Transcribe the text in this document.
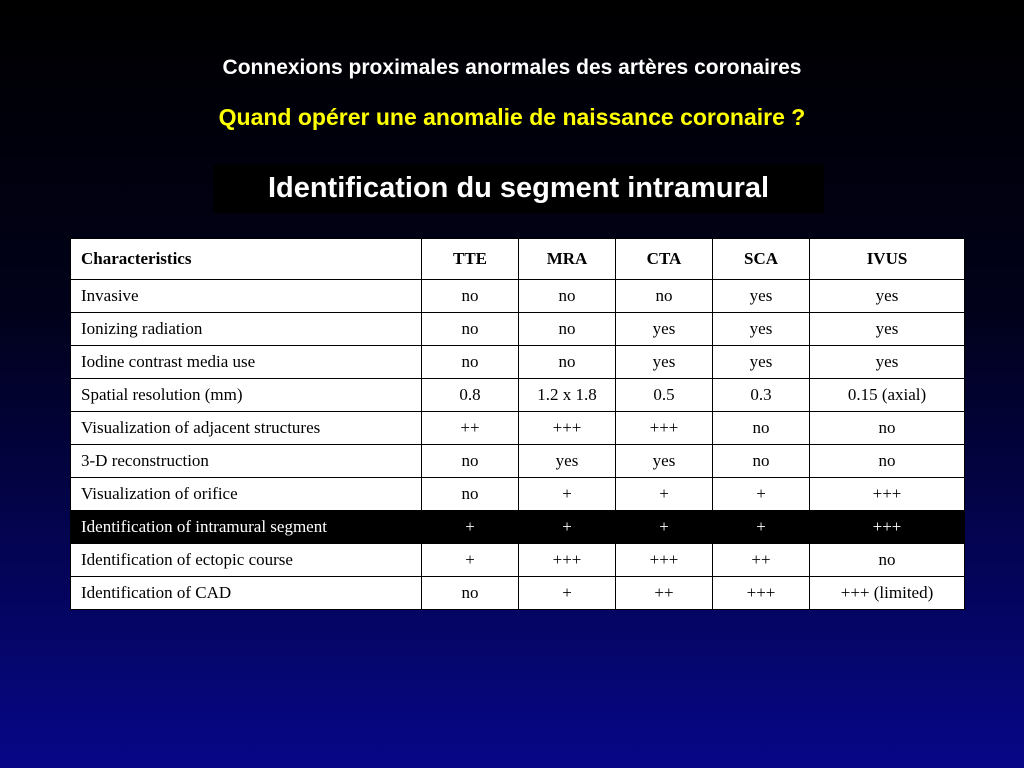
Connexions proximales anormales des artères coronaires
Quand opérer une anomalie de naissance coronaire ?
Identification du segment intramural
Characteristics	TTE	MRA	CTA	SCA	IVUS
Invasive	no	no	no	yes	yes
Ionizing radiation	no	no	yes	yes	yes
Iodine contrast media use	no	no	yes	yes	yes
Spatial resolution (mm)	0.8	1.2 x 1.8	0.5	0.3	0.15 (axial)
Visualization of adjacent structures	++	+++	+++	no	no
3-D reconstruction	no	yes	yes	no	no
Visualization of orifice	no	+	+	+	+++
Identification of intramural segment	+	+	+	+	+++
Identification of ectopic course	+	+++	+++	++	no
Identification of CAD	no	+	++	+++	+++ (limited)
